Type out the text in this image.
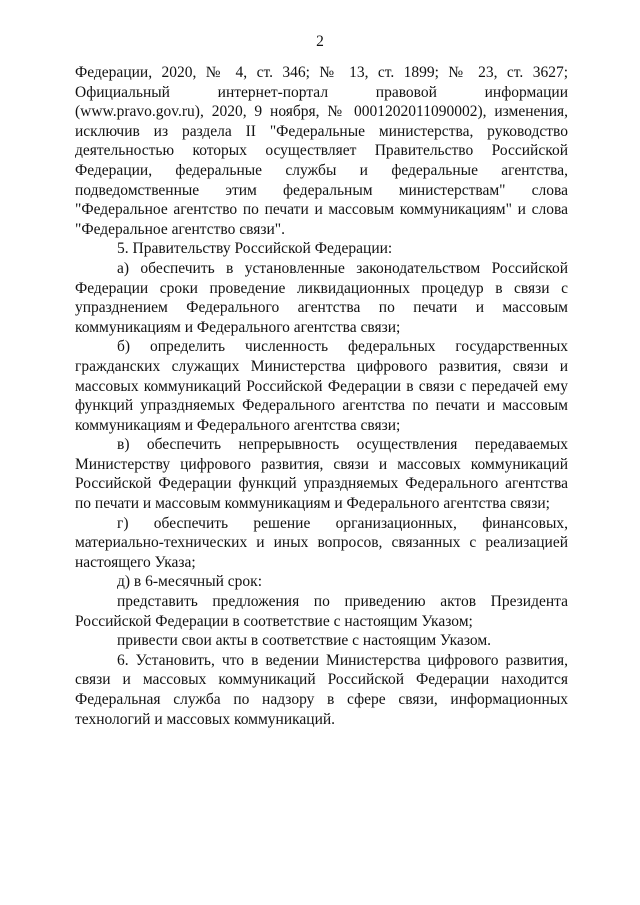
2

Федерации, 2020, № 4, ст. 346; № 13, ст. 1899; № 23, ст. 3627; Официальный интернет-портал правовой информации (www.pravo.gov.ru), 2020, 9 ноября, № 0001202011090002), изменения, исключив из раздела II "Федеральные министерства, руководство деятельностью которых осуществляет Правительство Российской Федерации, федеральные службы и федеральные агентства, подведомственные этим федеральным министерствам" слова "Федеральное агентство по печати и массовым коммуникациям" и слова "Федеральное агентство связи".

5. Правительству Российской Федерации:

а) обеспечить в установленные законодательством Российской Федерации сроки проведение ликвидационных процедур в связи с упразднением Федерального агентства по печати и массовым коммуникациям и Федерального агентства связи;

б) определить численность федеральных государственных гражданских служащих Министерства цифрового развития, связи и массовых коммуникаций Российской Федерации в связи с передачей ему функций упраздняемых Федерального агентства по печати и массовым коммуникациям и Федерального агентства связи;

в) обеспечить непрерывность осуществления передаваемых Министерству цифрового развития, связи и массовых коммуникаций Российской Федерации функций упраздняемых Федерального агентства по печати и массовым коммуникациям и Федерального агентства связи;

г) обеспечить решение организационных, финансовых, материально-технических и иных вопросов, связанных с реализацией настоящего Указа;

д) в 6-месячный срок:

представить предложения по приведению актов Президента Российской Федерации в соответствие с настоящим Указом;

привести свои акты в соответствие с настоящим Указом.

6. Установить, что в ведении Министерства цифрового развития, связи и массовых коммуникаций Российской Федерации находится Федеральная служба по надзору в сфере связи, информационных технологий и массовых коммуникаций.
